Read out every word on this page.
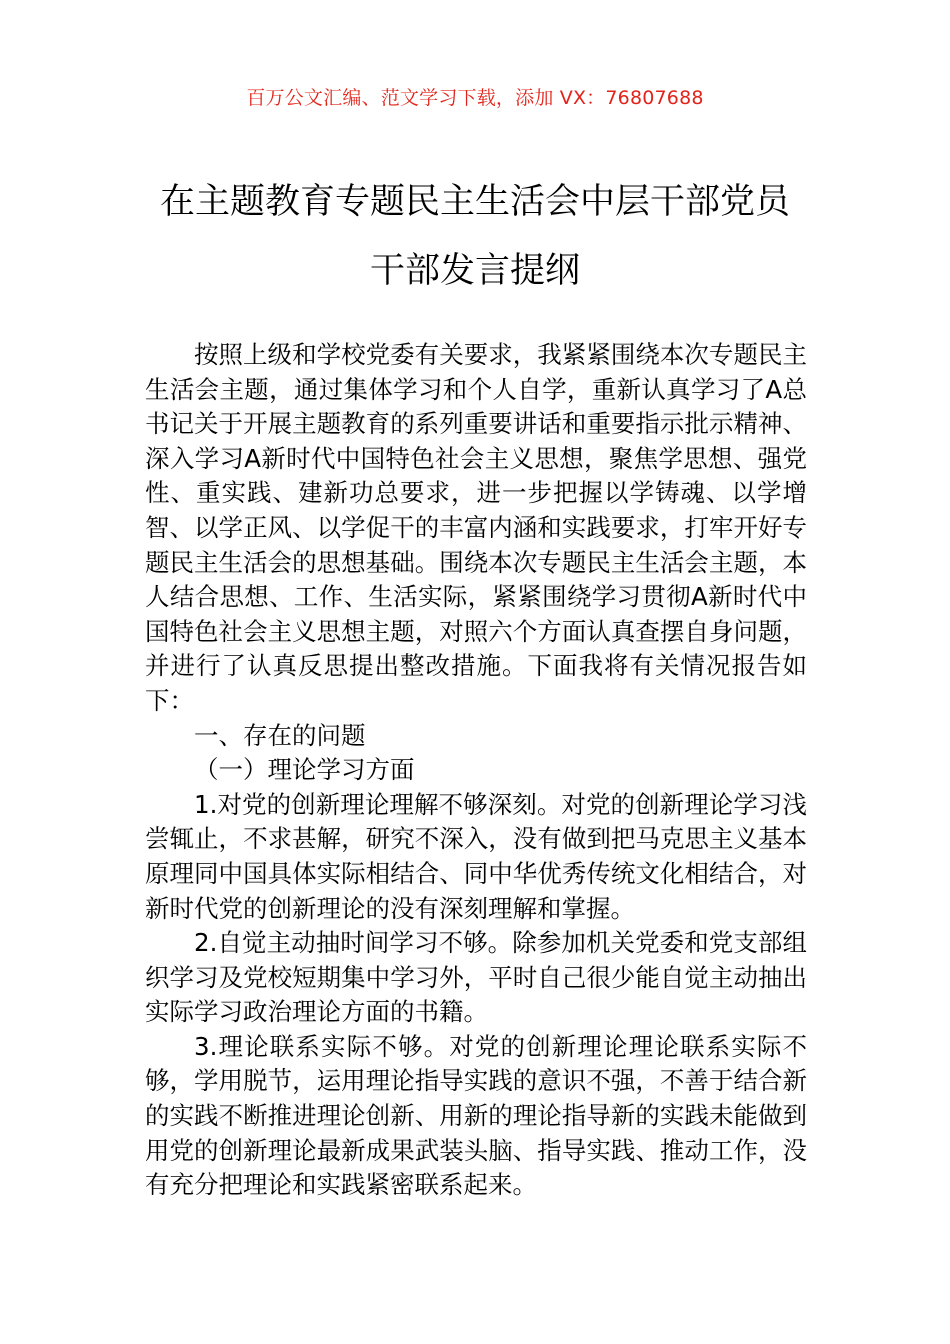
百万公文汇编、范文学习下载，添加 VX：76807688
在主题教育专题民主生活会中层干部党员
干部发言提纲

按照上级和学校党委有关要求，我紧紧围绕本次专题民主生活会主题，通过集体学习和个人自学，重新认真学习了A总书记关于开展主题教育的系列重要讲话和重要指示批示精神、深入学习A新时代中国特色社会主义思想，聚焦学思想、强党性、重实践、建新功总要求，进一步把握以学铸魂、以学增智、以学正风、以学促干的丰富内涵和实践要求，打牢开好专题民主生活会的思想基础。围绕本次专题民主生活会主题，本人结合思想、工作、生活实际，紧紧围绕学习贯彻A新时代中国特色社会主义思想主题，对照六个方面认真查摆自身问题，并进行了认真反思提出整改措施。下面我将有关情况报告如下：

一、存在的问题

（一）理论学习方面

1.对党的创新理论理解不够深刻。对党的创新理论学习浅尝辄止，不求甚解，研究不深入，没有做到把马克思主义基本原理同中国具体实际相结合、同中华优秀传统文化相结合，对新时代党的创新理论的没有深刻理解和掌握。

2.自觉主动抽时间学习不够。除参加机关党委和党支部组织学习及党校短期集中学习外，平时自己很少能自觉主动抽出实际学习政治理论方面的书籍。

3.理论联系实际不够。对党的创新理论理论联系实际不够，学用脱节，运用理论指导实践的意识不强，不善于结合新的实践不断推进理论创新、用新的理论指导新的实践未能做到用党的创新理论最新成果武装头脑、指导实践、推动工作，没有充分把理论和实践紧密联系起来。
